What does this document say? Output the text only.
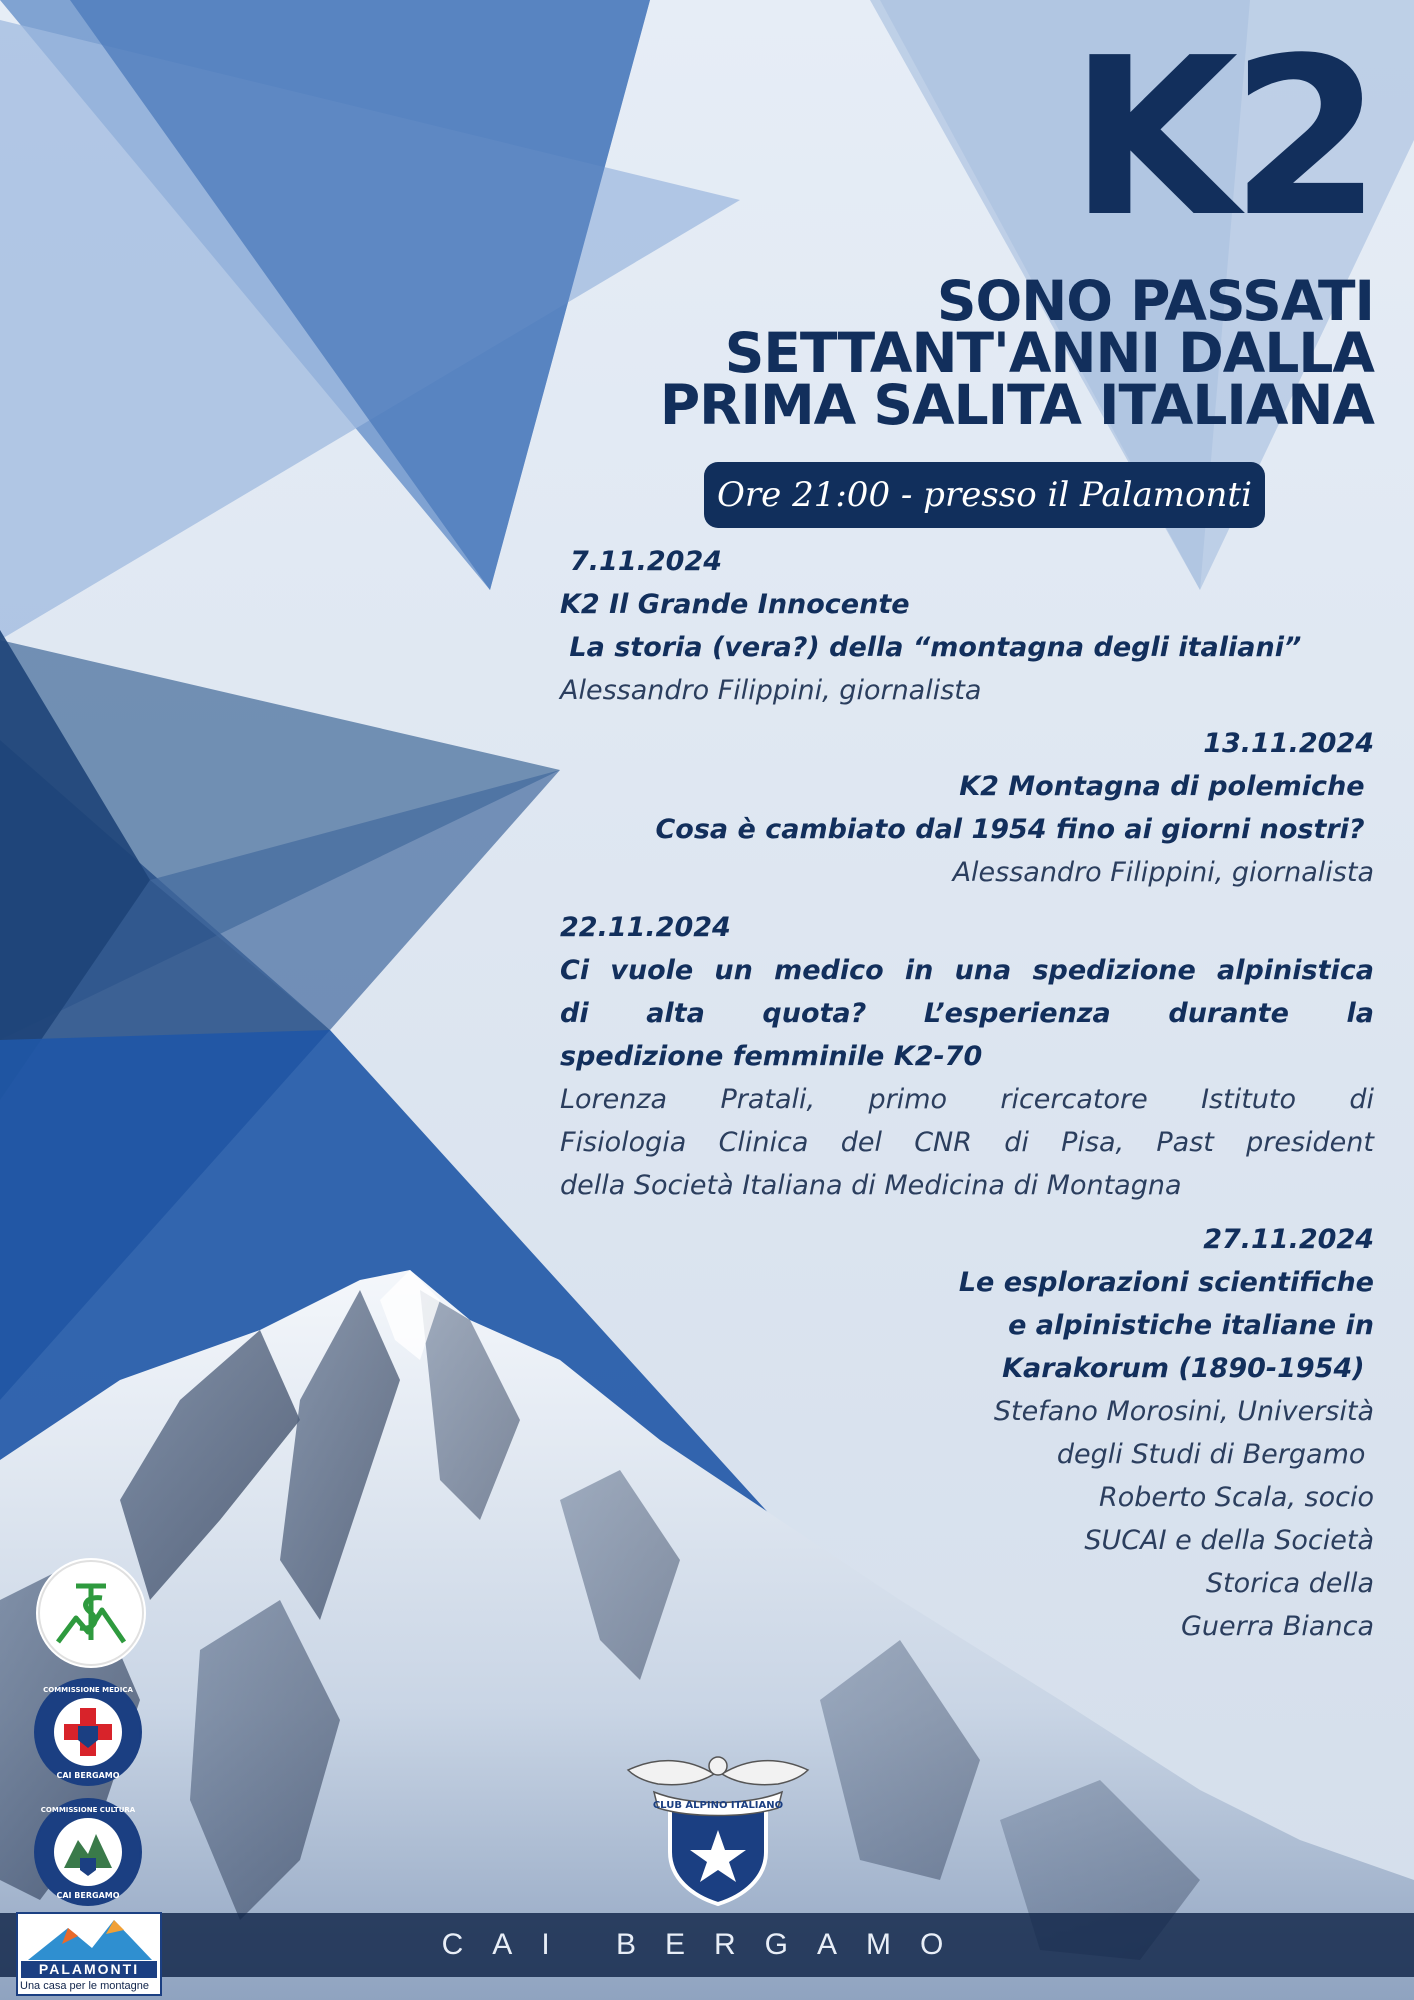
K2
SONO PASSATI
SETTANT'ANNI DALLA
PRIMA SALITA ITALIANA
Ore 21:00 - presso il Palamonti
7.11.2024
K2 Il Grande Innocente
La storia (vera?) della “montagna degli italiani”
Alessandro Filippini, giornalista
13.11.2024
K2 Montagna di polemiche
Cosa è cambiato dal 1954 fino ai giorni nostri?
Alessandro Filippini, giornalista
22.11.2024
Ci vuole un medico in una spedizione alpinistica
di alta quota? L’esperienza durante la
spedizione femminile K2-70
Lorenza Pratali, primo ricercatore Istituto di
Fisiologia Clinica del CNR di Pisa, Past president
della Società Italiana di Medicina di Montagna
27.11.2024
Le esplorazioni scientifiche
e alpinistiche italiane in
Karakorum (1890-1954)
Stefano Morosini, Università
degli Studi di Bergamo
Roberto Scala, socio
SUCAI e della Società
Storica della
Guerra Bianca
CAI BERGAMO
COMMISSIONE MEDICA
CAI BERGAMO
COMMISSIONE CULTURA	CLUB ALPINO ITALIANO
CAI BERGAMO
PALAMONTI
Una casa per le montagne
